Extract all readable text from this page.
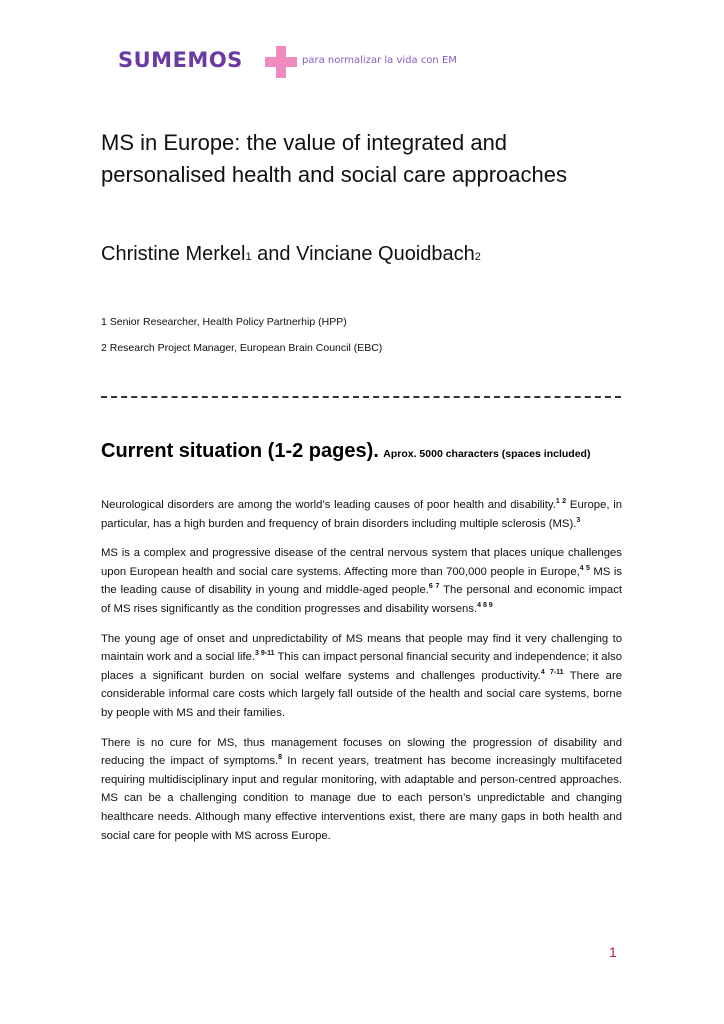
SUMEMOS	para normalizar la vida con EM
MS in Europe: the value of integrated and personalised health and social care approaches
Christine Merkel1 and Vinciane Quoidbach2
1 Senior Researcher, Health Policy Partnerhip (HPP)
2 Research Project Manager, European Brain Council (EBC)
Current situation (1-2 pages). Aprox. 5000 characters (spaces included)

Neurological disorders are among the world’s leading causes of poor health and disability.$^{1 2}$ Europe, in particular, has a high burden and frequency of brain disorders including multiple sclerosis (MS).$^3$

MS is a complex and progressive disease of the central nervous system that places unique challenges upon European health and social care systems. Affecting more than 700,000 people in Europe,$^{4 5}$ MS is the leading cause of disability in young and middle-aged people.$^{6 7}$ The personal and economic impact of MS rises significantly as the condition progresses and disability worsens.$^{4 8 9}$

The young age of onset and unpredictability of MS means that people may find it very challenging to maintain work and a social life.$^{3 9-11}$ This can impact personal financial security and independence; it also places a significant burden on social welfare systems and challenges productivity.$^{4 7-11}$ There are considerable informal care costs which largely fall outside of the health and social care systems, borne by people with MS and their families.

There is no cure for MS, thus management focuses on slowing the progression of disability and reducing the impact of symptoms.$^8$ In recent years, treatment has become increasingly multifaceted requiring multidisciplinary input and regular monitoring, with adaptable and person-centred approaches. MS can be a challenging condition to manage due to each person’s unpredictable and changing healthcare needs. Although many effective interventions exist, there are many gaps in both health and social care for people with MS across Europe.

1
